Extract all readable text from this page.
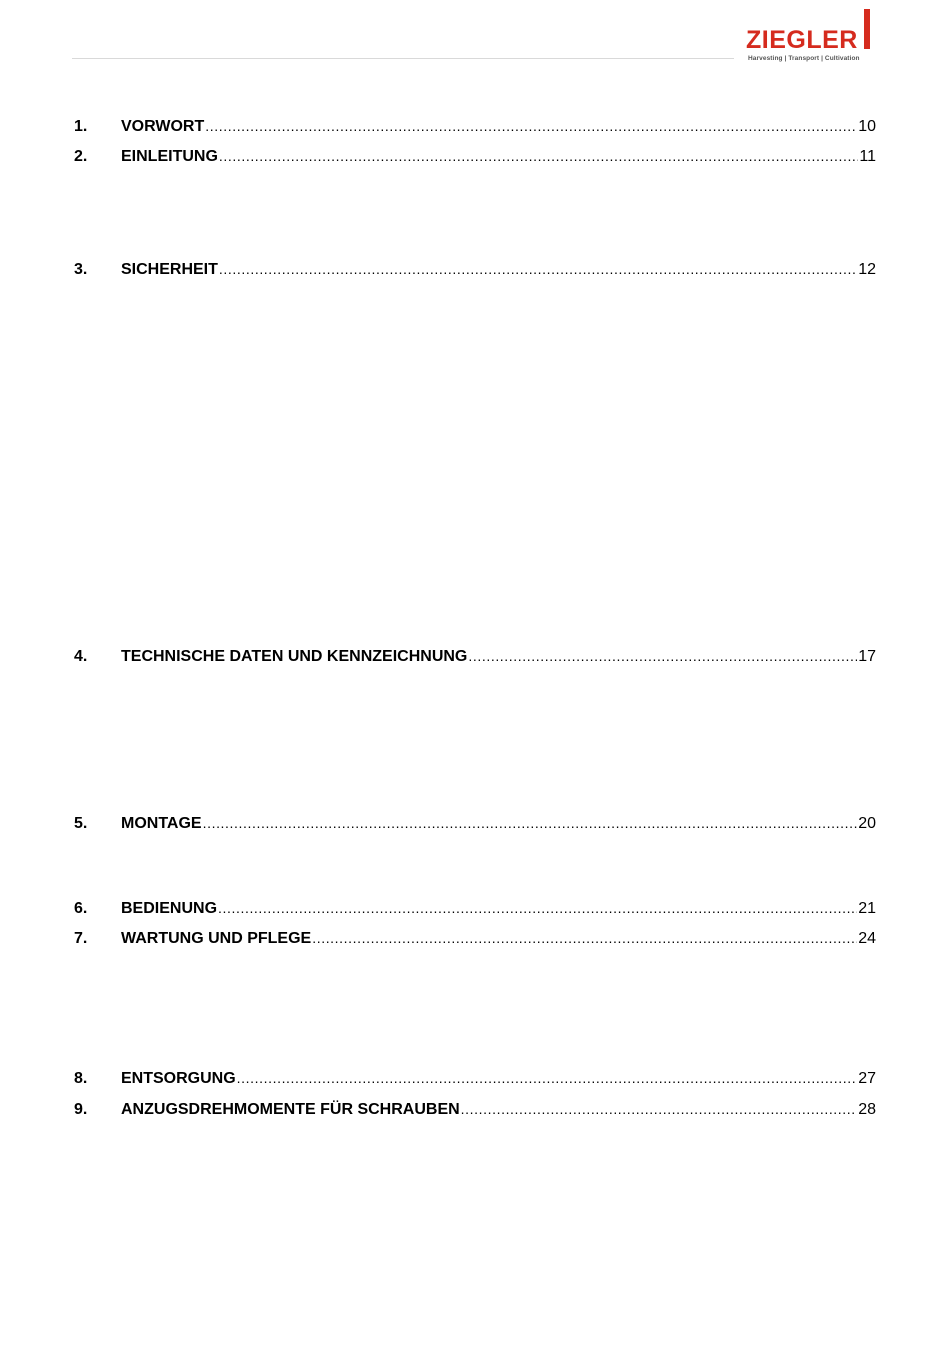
ZIEGLER
Harvesting | Transport | Cultivation
1.	VORWORT .....	10
2.	EINLEITUNG .....	11
3.	SICHERHEIT .....	12
4.	TECHNISCHE DATEN UND KENNZEICHNUNG .....	17
5.	MONTAGE .....	20
6.	BEDIENUNG .....	21
7.	WARTUNG UND PFLEGE .....	24
8.	ENTSORGUNG .....	27
9.	ANZUGSDREHMOMENTE FÜR SCHRAUBEN .....	28
